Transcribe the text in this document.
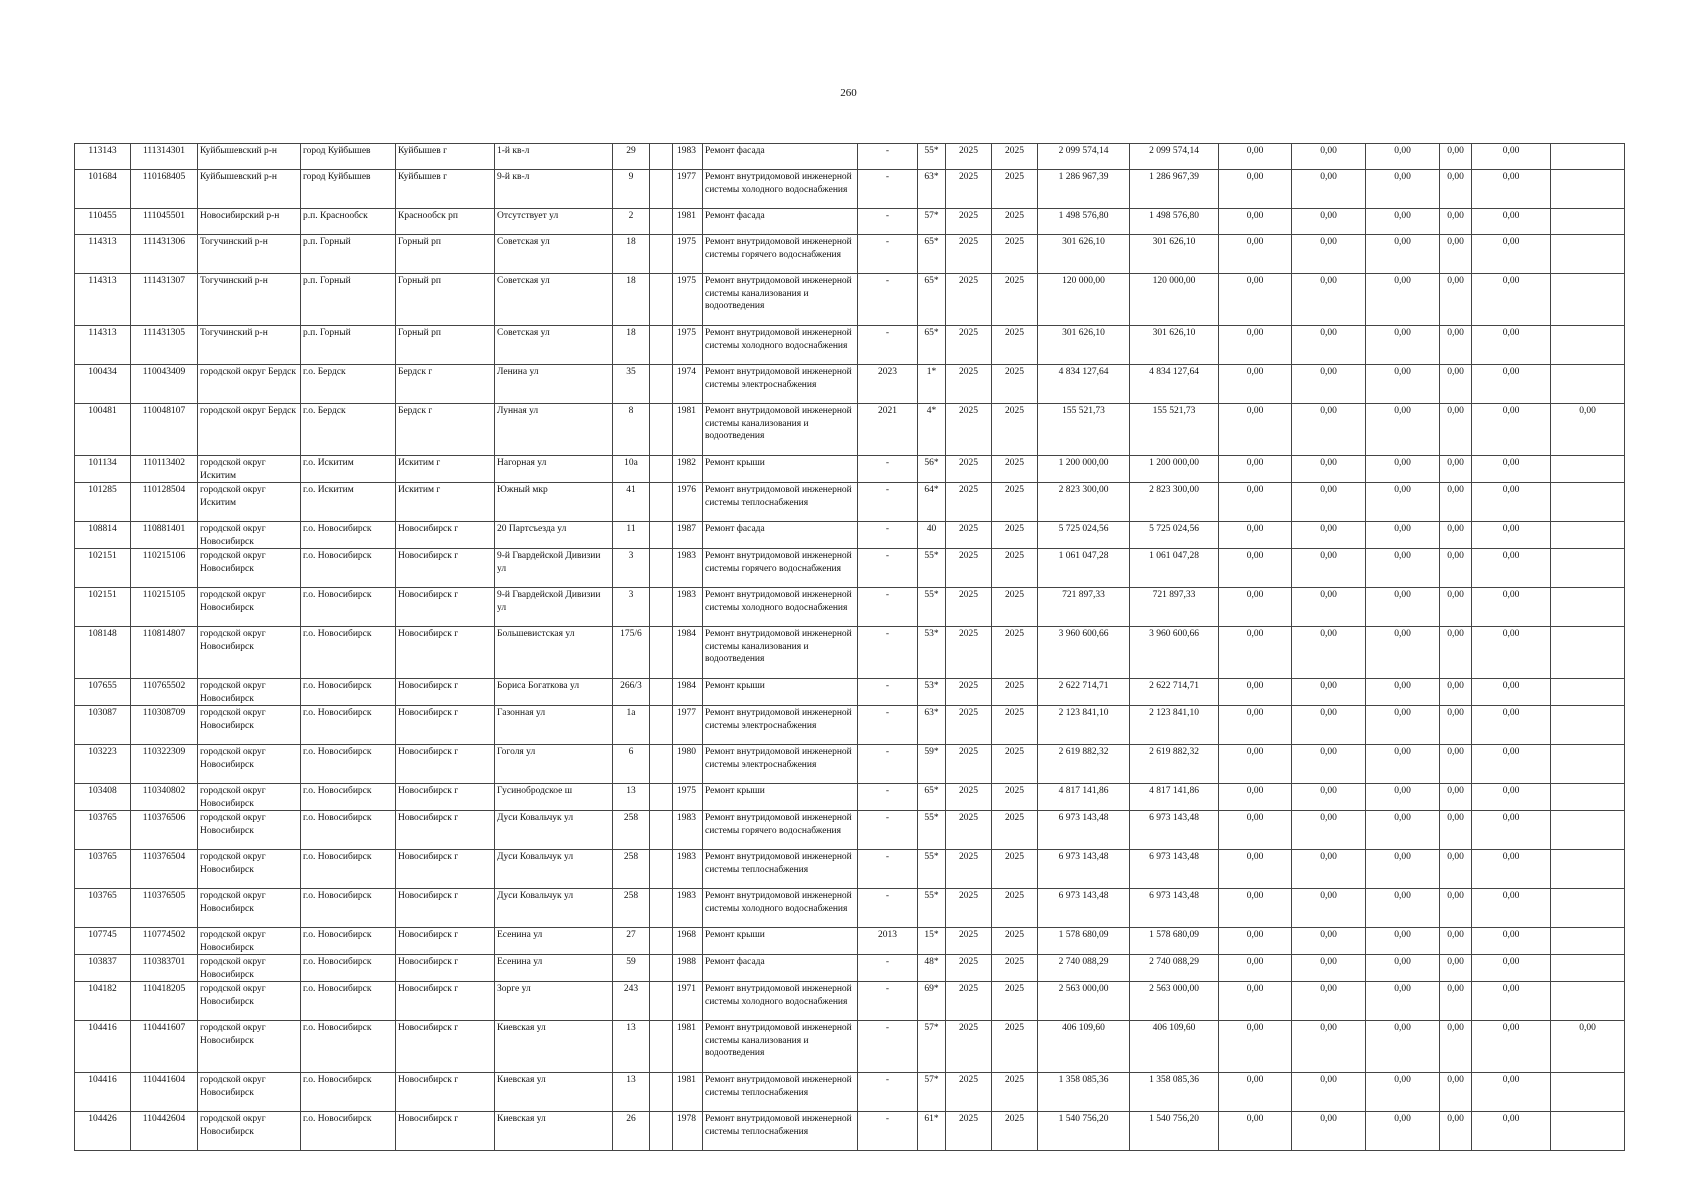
260
113143	111314301	Куйбышевский р-н	город Куйбышев	Куйбышев г	1-й кв-л	29		1983	Ремонт фасада	-	55*	2025	2025	2 099 574,14	2 099 574,14	0,00	0,00	0,00	0,00	0,00	
101684	110168405	Куйбышевский р-н	город Куйбышев	Куйбышев г	9-й кв-л	9		1977	Ремонт внутридомовой инженерной системы холодного водоснабжения	-	63*	2025	2025	1 286 967,39	1 286 967,39	0,00	0,00	0,00	0,00	0,00	
110455	111045501	Новосибирский р-н	р.п. Краснообск	Краснообск рп	Отсутствует ул	2		1981	Ремонт фасада	-	57*	2025	2025	1 498 576,80	1 498 576,80	0,00	0,00	0,00	0,00	0,00	
114313	111431306	Тогучинский р-н	р.п. Горный	Горный рп	Советская ул	18		1975	Ремонт внутридомовой инженерной системы горячего водоснабжения	-	65*	2025	2025	301 626,10	301 626,10	0,00	0,00	0,00	0,00	0,00	
114313	111431307	Тогучинский р-н	р.п. Горный	Горный рп	Советская ул	18		1975	Ремонт внутридомовой инженерной системы канализования и водоотведения	-	65*	2025	2025	120 000,00	120 000,00	0,00	0,00	0,00	0,00	0,00	
114313	111431305	Тогучинский р-н	р.п. Горный	Горный рп	Советская ул	18		1975	Ремонт внутридомовой инженерной системы холодного водоснабжения	-	65*	2025	2025	301 626,10	301 626,10	0,00	0,00	0,00	0,00	0,00	
100434	110043409	городской округ Бердск	г.о. Бердск	Бердск г	Ленина ул	35		1974	Ремонт внутридомовой инженерной системы электроснабжения	2023	1*	2025	2025	4 834 127,64	4 834 127,64	0,00	0,00	0,00	0,00	0,00	
100481	110048107	городской округ Бердск	г.о. Бердск	Бердск г	Лунная ул	8		1981	Ремонт внутридомовой инженерной системы канализования и водоотведения	2021	4*	2025	2025	155 521,73	155 521,73	0,00	0,00	0,00	0,00	0,00	0,00
101134	110113402	городской округ Искитим	г.о. Искитим	Искитим г	Нагорная ул	10а		1982	Ремонт крыши	-	56*	2025	2025	1 200 000,00	1 200 000,00	0,00	0,00	0,00	0,00	0,00	
101285	110128504	городской округ Искитим	г.о. Искитим	Искитим г	Южный мкр	41		1976	Ремонт внутридомовой инженерной системы теплоснабжения	-	64*	2025	2025	2 823 300,00	2 823 300,00	0,00	0,00	0,00	0,00	0,00	
108814	110881401	городской округ Новосибирск	г.о. Новосибирск	Новосибирск г	20 Партсъезда ул	11		1987	Ремонт фасада	-	40	2025	2025	5 725 024,56	5 725 024,56	0,00	0,00	0,00	0,00	0,00	
102151	110215106	городской округ Новосибирск	г.о. Новосибирск	Новосибирск г	9-й Гвардейской Дивизии ул	3		1983	Ремонт внутридомовой инженерной системы горячего водоснабжения	-	55*	2025	2025	1 061 047,28	1 061 047,28	0,00	0,00	0,00	0,00	0,00	
102151	110215105	городской округ Новосибирск	г.о. Новосибирск	Новосибирск г	9-й Гвардейской Дивизии ул	3		1983	Ремонт внутридомовой инженерной системы холодного водоснабжения	-	55*	2025	2025	721 897,33	721 897,33	0,00	0,00	0,00	0,00	0,00	
108148	110814807	городской округ Новосибирск	г.о. Новосибирск	Новосибирск г	Большевистская ул	175/6		1984	Ремонт внутридомовой инженерной системы канализования и водоотведения	-	53*	2025	2025	3 960 600,66	3 960 600,66	0,00	0,00	0,00	0,00	0,00	
107655	110765502	городской округ Новосибирск	г.о. Новосибирск	Новосибирск г	Бориса Богаткова ул	266/3		1984	Ремонт крыши	-	53*	2025	2025	2 622 714,71	2 622 714,71	0,00	0,00	0,00	0,00	0,00	
103087	110308709	городской округ Новосибирск	г.о. Новосибирск	Новосибирск г	Газонная ул	1а		1977	Ремонт внутридомовой инженерной системы электроснабжения	-	63*	2025	2025	2 123 841,10	2 123 841,10	0,00	0,00	0,00	0,00	0,00	
103223	110322309	городской округ Новосибирск	г.о. Новосибирск	Новосибирск г	Гоголя ул	6		1980	Ремонт внутридомовой инженерной системы электроснабжения	-	59*	2025	2025	2 619 882,32	2 619 882,32	0,00	0,00	0,00	0,00	0,00	
103408	110340802	городской округ Новосибирск	г.о. Новосибирск	Новосибирск г	Гусинобродское ш	13		1975	Ремонт крыши	-	65*	2025	2025	4 817 141,86	4 817 141,86	0,00	0,00	0,00	0,00	0,00	
103765	110376506	городской округ Новосибирск	г.о. Новосибирск	Новосибирск г	Дуси Ковальчук ул	258		1983	Ремонт внутридомовой инженерной системы горячего водоснабжения	-	55*	2025	2025	6 973 143,48	6 973 143,48	0,00	0,00	0,00	0,00	0,00	
103765	110376504	городской округ Новосибирск	г.о. Новосибирск	Новосибирск г	Дуси Ковальчук ул	258		1983	Ремонт внутридомовой инженерной системы теплоснабжения	-	55*	2025	2025	6 973 143,48	6 973 143,48	0,00	0,00	0,00	0,00	0,00	
103765	110376505	городской округ Новосибирск	г.о. Новосибирск	Новосибирск г	Дуси Ковальчук ул	258		1983	Ремонт внутридомовой инженерной системы холодного водоснабжения	-	55*	2025	2025	6 973 143,48	6 973 143,48	0,00	0,00	0,00	0,00	0,00	
107745	110774502	городской округ Новосибирск	г.о. Новосибирск	Новосибирск г	Есенина ул	27		1968	Ремонт крыши	2013	15*	2025	2025	1 578 680,09	1 578 680,09	0,00	0,00	0,00	0,00	0,00	
103837	110383701	городской округ Новосибирск	г.о. Новосибирск	Новосибирск г	Есенина ул	59		1988	Ремонт фасада	-	48*	2025	2025	2 740 088,29	2 740 088,29	0,00	0,00	0,00	0,00	0,00	
104182	110418205	городской округ Новосибирск	г.о. Новосибирск	Новосибирск г	Зорге ул	243		1971	Ремонт внутридомовой инженерной системы холодного водоснабжения	-	69*	2025	2025	2 563 000,00	2 563 000,00	0,00	0,00	0,00	0,00	0,00	
104416	110441607	городской округ Новосибирск	г.о. Новосибирск	Новосибирск г	Киевская ул	13		1981	Ремонт внутридомовой инженерной системы канализования и водоотведения	-	57*	2025	2025	406 109,60	406 109,60	0,00	0,00	0,00	0,00	0,00	0,00
104416	110441604	городской округ Новосибирск	г.о. Новосибирск	Новосибирск г	Киевская ул	13		1981	Ремонт внутридомовой инженерной системы теплоснабжения	-	57*	2025	2025	1 358 085,36	1 358 085,36	0,00	0,00	0,00	0,00	0,00	
104426	110442604	городской округ Новосибирск	г.о. Новосибирск	Новосибирск г	Киевская ул	26		1978	Ремонт внутридомовой инженерной системы теплоснабжения	-	61*	2025	2025	1 540 756,20	1 540 756,20	0,00	0,00	0,00	0,00	0,00	
